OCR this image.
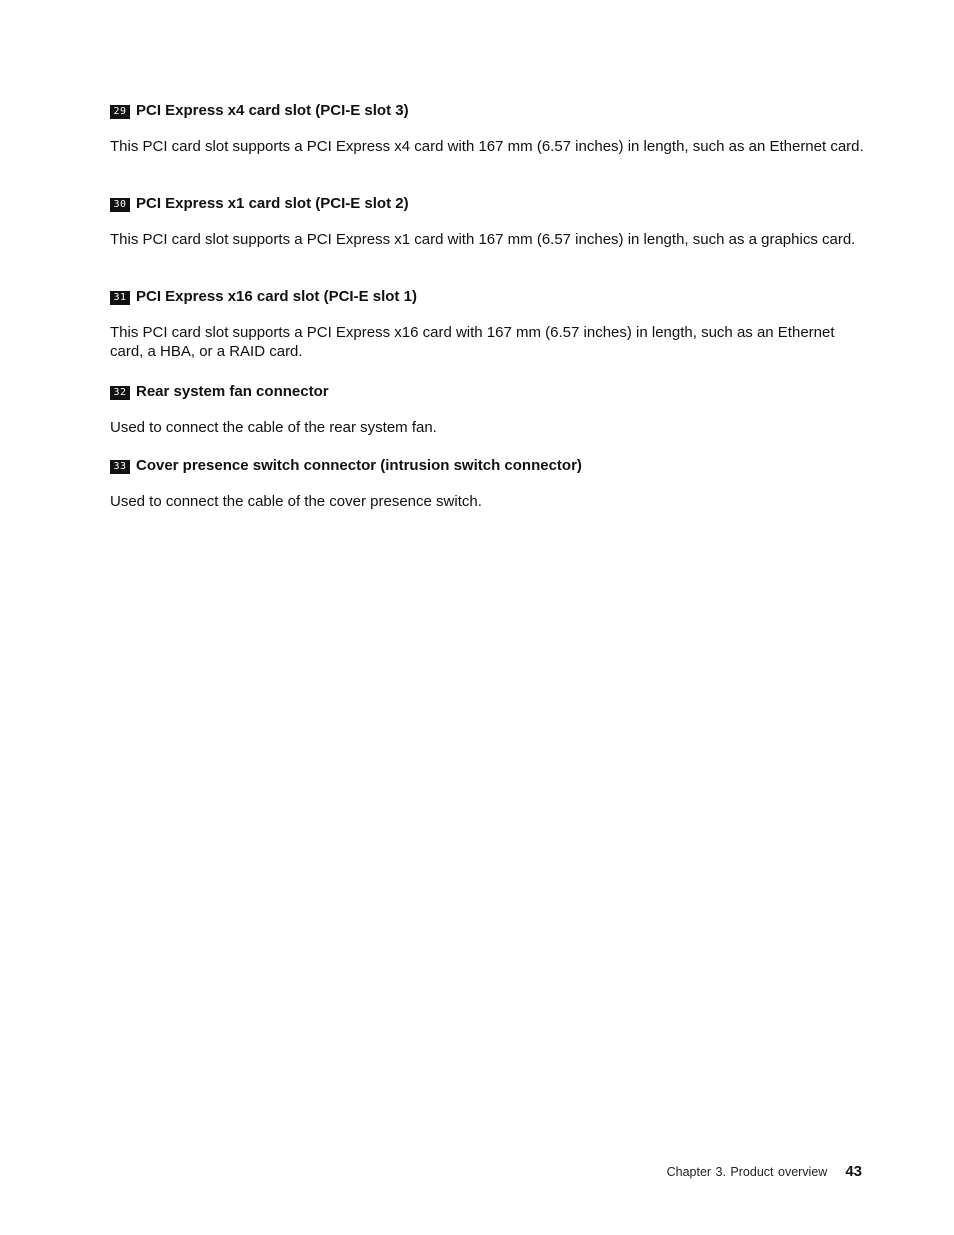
29 PCI Express x4 card slot (PCI-E slot 3)

This PCI card slot supports a PCI Express x4 card with 167 mm (6.57 inches) in length, such as an Ethernet card.

30 PCI Express x1 card slot (PCI-E slot 2)

This PCI card slot supports a PCI Express x1 card with 167 mm (6.57 inches) in length, such as a graphics card.

31 PCI Express x16 card slot (PCI-E slot 1)

This PCI card slot supports a PCI Express x16 card with 167 mm (6.57 inches) in length, such as an Ethernet card, a HBA, or a RAID card.

32 Rear system fan connector

Used to connect the cable of the rear system fan.

33 Cover presence switch connector (intrusion switch connector)

Used to connect the cable of the cover presence switch.

Chapter 3. Product overview 43
